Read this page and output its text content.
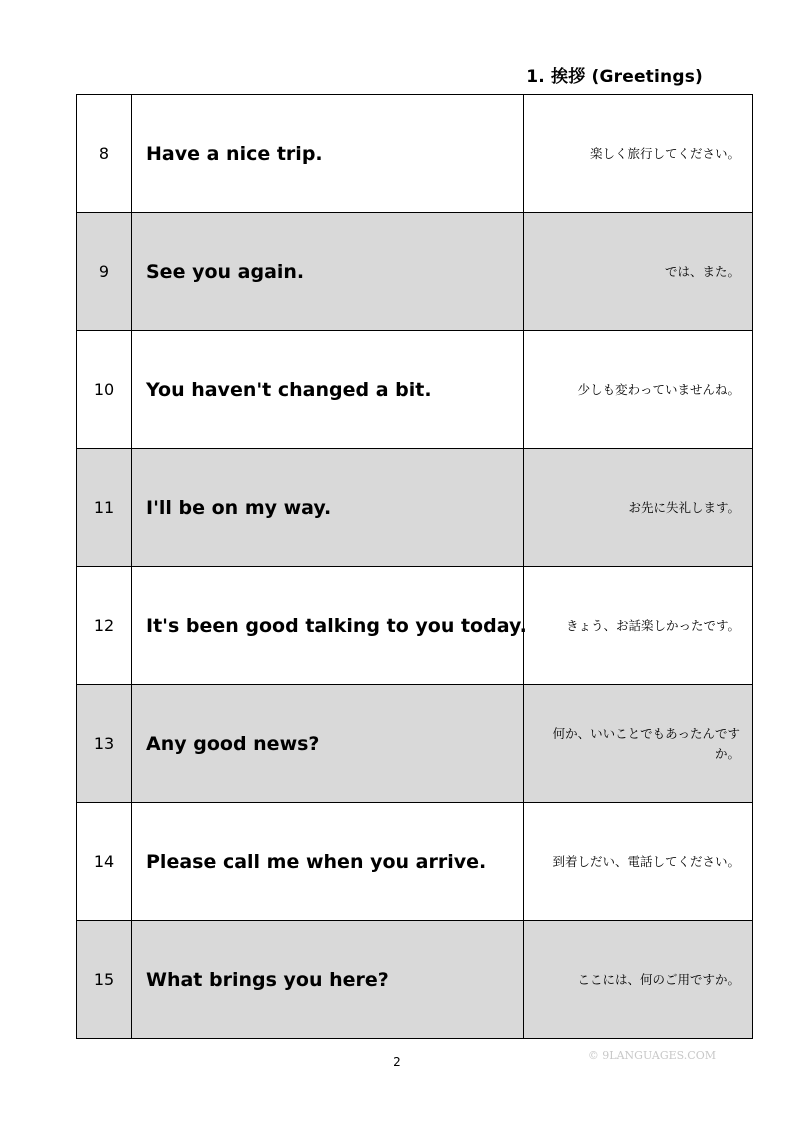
1. 挨拶 (Greetings)
8	Have a nice trip.	楽しく旅行してください。
9	See you again.	では、また。
10	You haven't changed a bit.	少しも変わっていませんね。
11	I'll be on my way.	お先に失礼します。
12	It's been good talking to you today.	きょう、お話楽しかったです。
13	Any good news?	何か、いいことでもあったんですか。
14	Please call me when you arrive.	到着しだい、電話してください。
15	What brings you here?	ここには、何のご用ですか。
2	© 9LANGUAGES.COM
